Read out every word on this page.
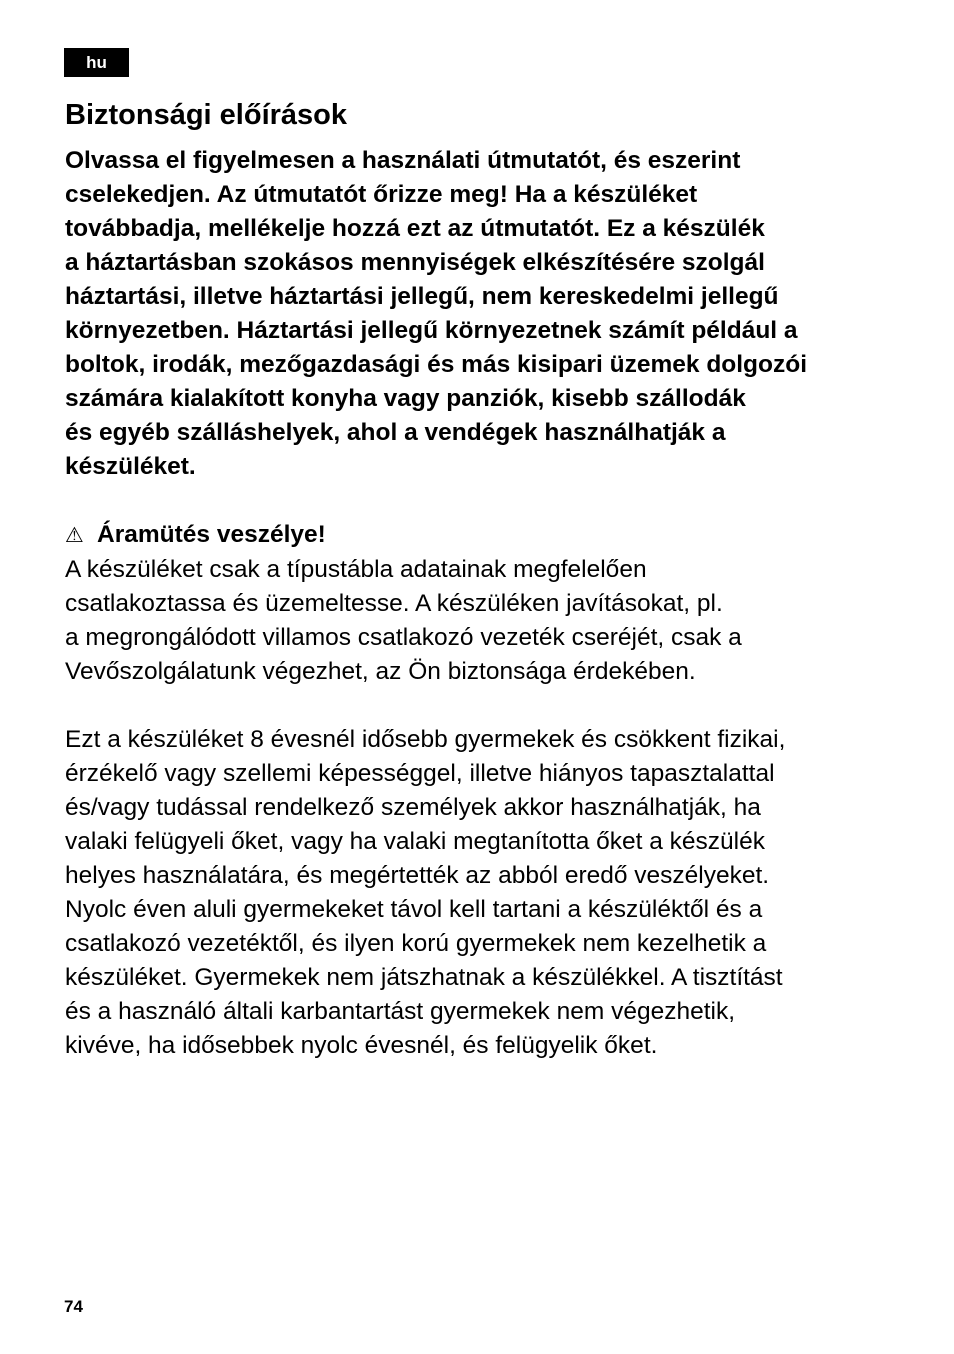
hu
Biztonsági előírások
Olvassa el figyelmesen a használati útmutatót, és eszerint
cselekedjen. Az útmutatót őrizze meg! Ha a készüléket
továbbadja, mellékelje hozzá ezt az útmutatót. Ez a készülék
a háztartásban szokásos mennyiségek elkészítésére szolgál
háztartási, illetve háztartási jellegű, nem kereskedelmi jellegű
környezetben. Háztartási jellegű környezetnek számít például a
boltok, irodák, mezőgazdasági és más kisipari üzemek dolgozói
számára kialakított konyha vagy panziók, kisebb szállodák
és egyéb szálláshelyek, ahol a vendégek használhatják a
készüléket.
⚠ Áramütés veszélye!
A készüléket csak a típustábla adatainak megfelelően
csatlakoztassa és üzemeltesse. A készüléken javításokat, pl.
a megrongálódott villamos csatlakozó vezeték cseréjét, csak a
Vevőszolgálatunk végezhet, az Ön biztonsága érdekében.
Ezt a készüléket 8 évesnél idősebb gyermekek és csökkent fizikai,
érzékelő vagy szellemi képességgel, illetve hiányos tapasztalattal
és/vagy tudással rendelkező személyek akkor használhatják, ha
valaki felügyeli őket, vagy ha valaki megtanította őket a készülék
helyes használatára, és megértették az abból eredő veszélyeket.
Nyolc éven aluli gyermekeket távol kell tartani a készüléktől és a
csatlakozó vezetéktől, és ilyen korú gyermekek nem kezelhetik a
készüléket. Gyermekek nem játszhatnak a készülékkel. A tisztítást
és a használó általi karbantartást gyermekek nem végezhetik,
kivéve, ha idősebbek nyolc évesnél, és felügyelik őket.
74
